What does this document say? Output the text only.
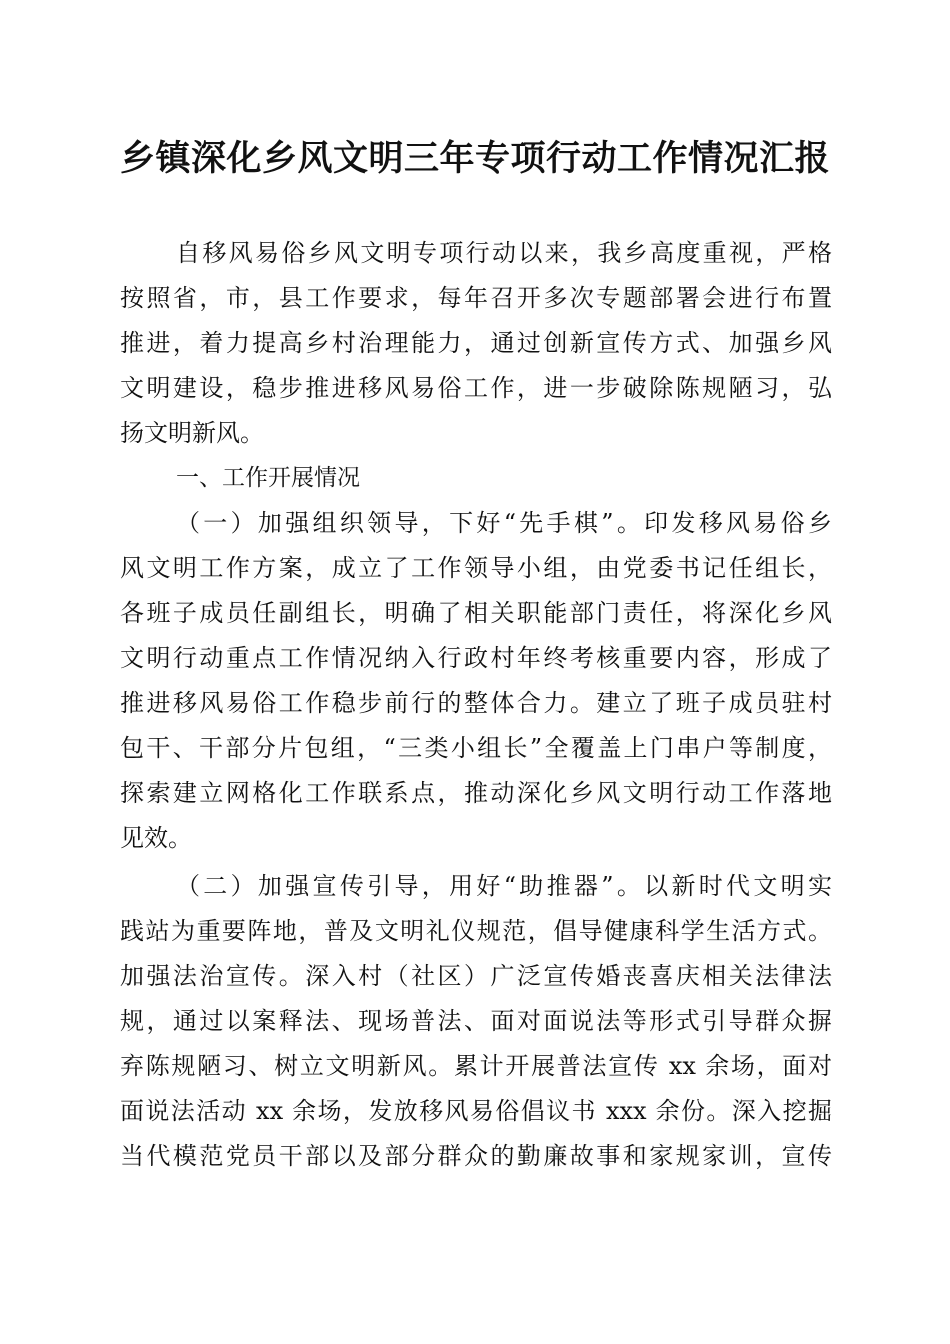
乡镇深化乡风文明三年专项行动工作情况汇报
自移风易俗乡风文明专项行动以来，我乡高度重视，严格
按照省，市，县工作要求，每年召开多次专题部署会进行布置
推进，着力提高乡村治理能力，通过创新宣传方式、加强乡风
文明建设，稳步推进移风易俗工作，进一步破除陈规陋习，弘
扬文明新风。
一、工作开展情况
（一）加强组织领导，下好“先手棋”。印发移风易俗乡
风文明工作方案，成立了工作领导小组，由党委书记任组长，
各班子成员任副组长，明确了相关职能部门责任，将深化乡风
文明行动重点工作情况纳入行政村年终考核重要内容，形成了
推进移风易俗工作稳步前行的整体合力。建立了班子成员驻村
包干、干部分片包组，“三类小组长”全覆盖上门串户等制度，
探索建立网格化工作联系点，推动深化乡风文明行动工作落地
见效。
（二）加强宣传引导，用好“助推器”。以新时代文明实
践站为重要阵地，普及文明礼仪规范，倡导健康科学生活方式。
加强法治宣传。深入村（社区）广泛宣传婚丧喜庆相关法律法
规，通过以案释法、现场普法、面对面说法等形式引导群众摒
弃陈规陋习、树立文明新风。累计开展普法宣传 xx 余场，面对
面说法活动 xx 余场，发放移风易俗倡议书 xxx 余份。深入挖掘
当代模范党员干部以及部分群众的勤廉故事和家规家训，宣传
